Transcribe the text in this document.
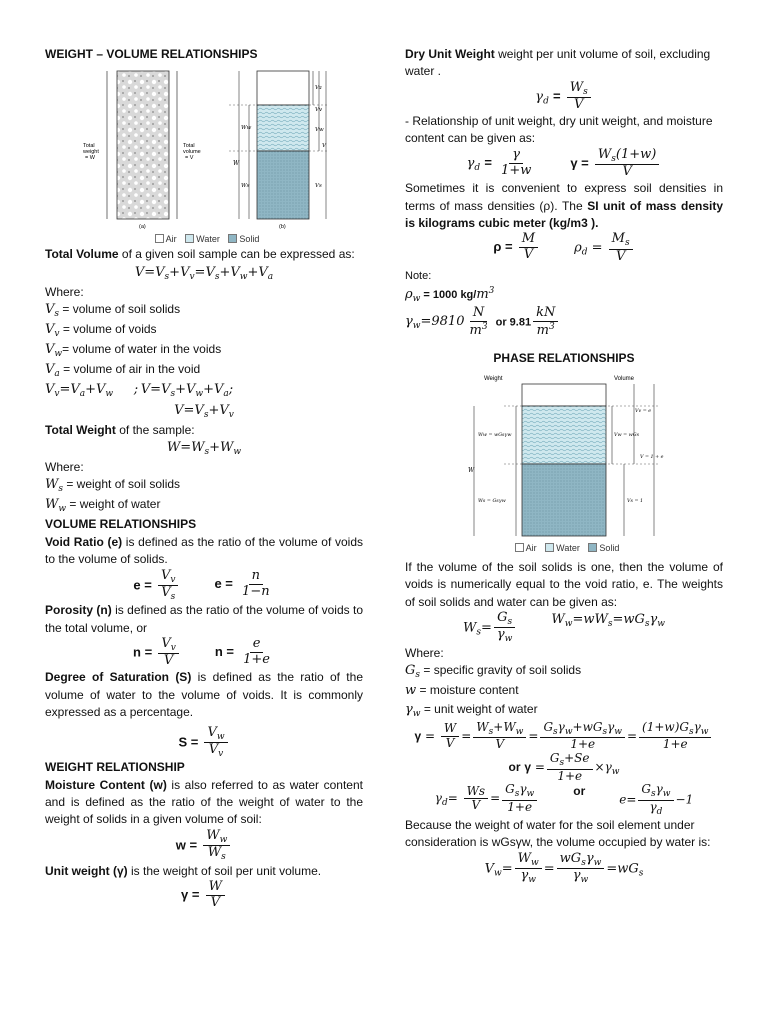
WEIGHT – VOLUME RELATIONSHIPS
Total
weight
= W
Total
volume
= V
(a)
W
Ww
Ws
Va
Vv
Vw
Vs
V
(b)
Air Water Solid
Total Volume of a given soil sample can be expressed as:
$V=V_s+V_v=V_s+V_w+V_a$
Where:
$V_s$ = volume of soil solids
$V_v$ = volume of voids
$V_w=$ volume of water in the voids
$V_a$ = volume of air in the void
$V_v=V_a+V_w$     ; $V=V_s+V_w+V_a$;
$V=V_s+V_v$
Total Weight of the sample:
$W=W_s+W_w$
Where:
$W_s$ = weight of soil solids
$W_w$ = weight of water
VOLUME RELATIONSHIPS
Void Ratio (e) is defined as the ratio of the volume of voids to the volume of solids.
$e = \frac{V_v}{V_s}$	$e = \frac{n}{1-n}$
Porosity (n) is defined as the ratio of the volume of voids to the total volume, or
$n = \frac{V_v}{V}$	$n = \frac{e}{1+e}$
Degree of Saturation (S) is defined as the ratio of the volume of water to the volume of voids. It is commonly expressed as a percentage.
$S = \frac{V_w}{V_v}$
WEIGHT RELATIONSHIP
Moisture Content (w) is also referred to as water content and is defined as the ratio of the weight of water to the weight of solids in a given volume of soil:
$w = \frac{W_w}{W_s}$
Unit weight (γ) is the weight of soil per unit volume.
$\gamma = \frac{W}{V}$
Dry Unit Weight weight per unit volume of soil, excluding water .
$\gamma_d = \frac{W_s}{V}$
- Relationship of unit weight, dry unit weight, and moisture content can be given as:
$\gamma_d = \frac{\gamma}{1+w}$	$\gamma = \frac{W_s(1+w)}{V}$
Sometimes it is convenient to express soil densities in terms of mass densities (ρ). The SI unit of mass density is kilograms cubic meter (kg/m3 ).
$\rho = \frac{M}{V}$	$\rho_d = \frac{M_s}{V}$
Note:
$\rho_w = 1000$ $kg/m^3$
$\gamma_w=9810 \frac{N}{m^3}$ or $9.81 \frac{kN}{m^3}$
PHASE RELATIONSHIPS
Weight	Volume
W
Ww = wGsγw
Ws = Gsγw
Vw = wGs
Vv = e
Vs = 1
V = 1 + e
Air Water Solid
If the volume of the soil solids is one, then the volume of voids is numerically equal to the void ratio, e. The weights of soil solids and water can be given as:
$W_s= \frac{G_s}{\gamma_w}$	$W_w=wW_s=wG_s\gamma_w$
Where:
$G_s$ = specific gravity of soil solids
w = moisture content
$\gamma_w$ = unit weight of water
$\gamma = \frac{W}{V} = \frac{W_s+W_w}{V} = \frac{G_s\gamma_w+wG_s\gamma_w}{1+e} = \frac{(1+w)G_s\gamma_w}{1+e}$
or $\gamma = \frac{G_s+Se}{1+e} \times\gamma_w$
$\gamma_d= \frac{Ws}{V} = \frac{G_s\gamma_w}{1+e}$	or
$e= \frac{G_s\gamma_w}{\gamma_d} -1$
Because the weight of water for the soil element under consideration is wGsγw, the volume occupied by water is:
$V_w= \frac{W_w}{\gamma_w} = \frac{wG_s\gamma_w}{\gamma_w} =wG_s$
